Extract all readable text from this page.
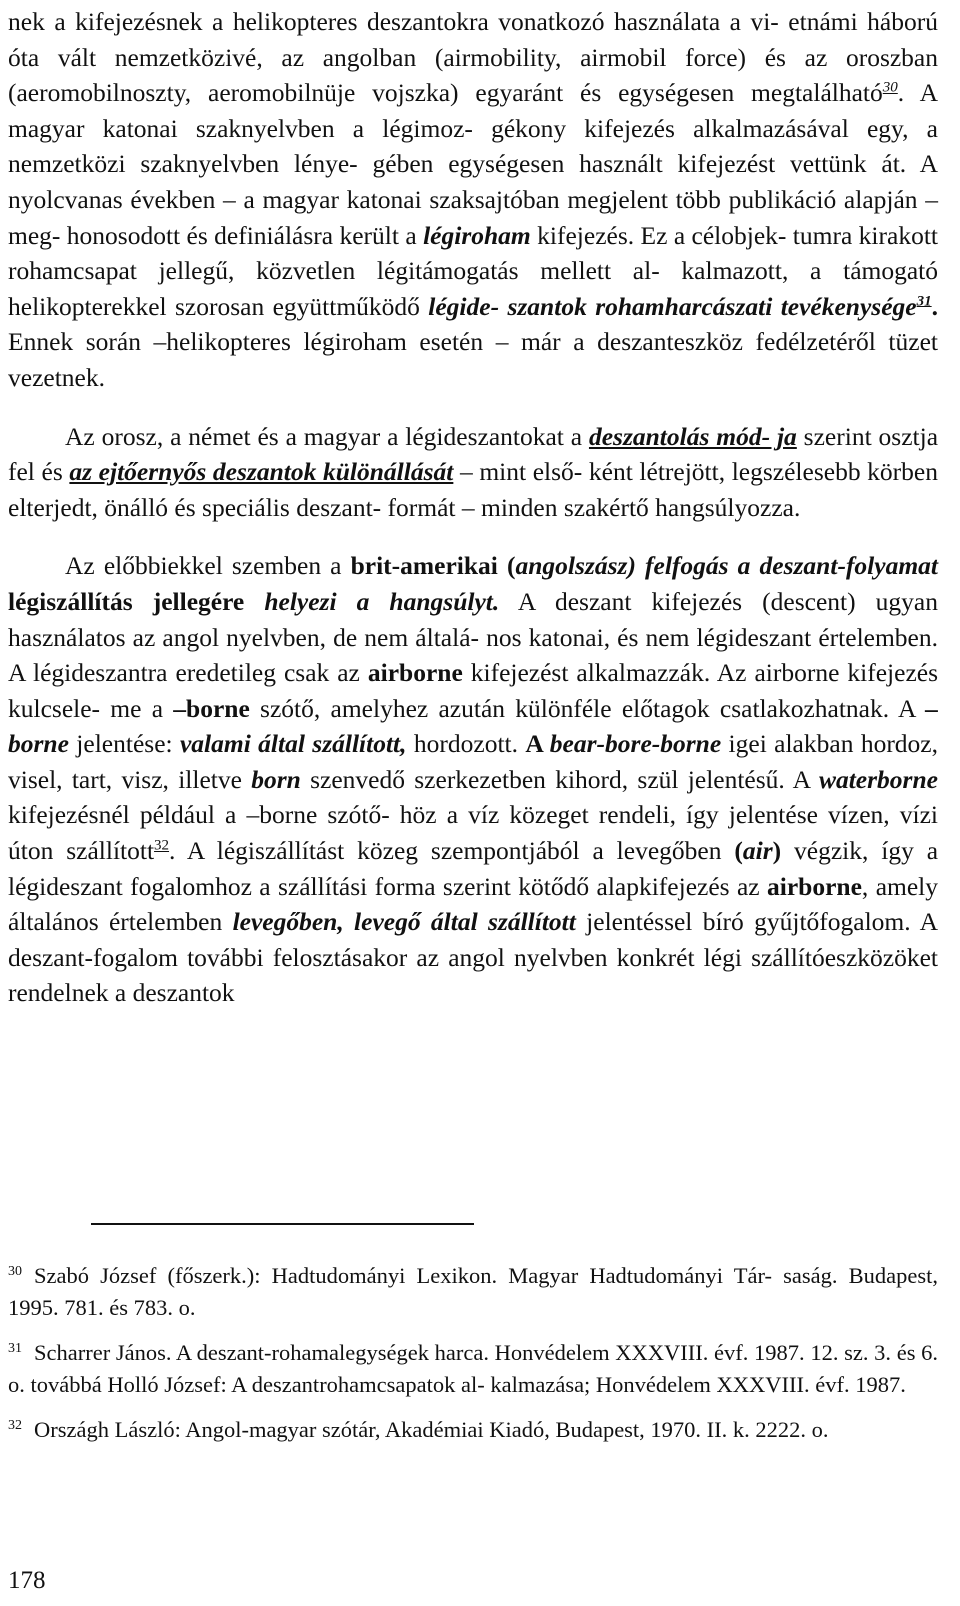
nek a kifejezésnek a helikopteres deszantokra vonatkozó használata a vi- etnámi háború óta vált nemzetközivé, az angolban (airmobility, airmobil force) és az oroszban (aeromobilnoszty, aeromobilnüje vojszka) egyaránt és egységesen megtalálható$^{30}$. A magyar katonai szaknyelvben a légimoz- gékony kifejezés alkalmazásával egy, a nemzetközi szaknyelvben lénye- gében egységesen használt kifejezést vettünk át. A nyolcvanas években – a magyar katonai szaksajtóban megjelent több publikáció alapján – meg- honosodott és definiálásra került a légiroham kifejezés. Ez a célobjek- tumra kirakott rohamcsapat jellegű, közvetlen légitámogatás mellett al- kalmazott, a támogató helikopterekkel szorosan együttműködő légide- szantok rohamharcászati tevékenysége$^{31}$. Ennek során –helikopteres légiroham esetén – már a deszanteszköz fedélzetéről tüzet vezetnek.

Az orosz, a német és a magyar a légideszantokat a deszantolás mód- ja szerint osztja fel és az ejtőernyős deszantok különállását – mint első- ként létrejött, legszélesebb körben elterjedt, önálló és speciális deszant- formát – minden szakértő hangsúlyozza.

Az előbbiekkel szemben a brit-amerikai (angolszász) felfogás a deszant-folyamat légiszállítás jellegére helyezi a hangsúlyt. A deszant kifejezés (descent) ugyan használatos az angol nyelvben, de nem általá- nos katonai, és nem légideszant értelemben. A légideszantra eredetileg csak az airborne kifejezést alkalmazzák. Az airborne kifejezés kulcsele- me a –borne szótő, amelyhez azután különféle előtagok csatlakozhatnak. A –borne jelentése: valami által szállított, hordozott. A bear-bore-borne igei alakban hordoz, visel, tart, visz, illetve born szenvedő szerkezetben kihord, szül jelentésű. A waterborne kifejezésnél például a –borne szótő- höz a víz közeget rendeli, így jelentése vízen, vízi úton szállított$^{32}$. A légiszállítást közeg szempontjából a levegőben (air) végzik, így a légideszant fogalomhoz a szállítási forma szerint kötődő alapkifejezés az airborne, amely általános értelemben levegőben, levegő által szállított jelentéssel bíró gyűjtőfogalom. A deszant-fogalom további felosztásakor az angol nyelvben konkrét légi szállítóeszközöket rendelnek a deszantok

$^{30}$ Szabó József (főszerk.): Hadtudományi Lexikon. Magyar Hadtudományi Tár- saság. Budapest, 1995. 781. és 783. o.

$^{31}$ Scharrer János. A deszant-rohamalegységek harca. Honvédelem XXXVIII. évf. 1987. 12. sz. 3. és 6. o. továbbá Holló József: A deszantrohamcsapatok al- kalmazása; Honvédelem XXXVIII. évf. 1987.

$^{32}$ Országh László: Angol-magyar szótár, Akadémiai Kiadó, Budapest, 1970. II. k. 2222. o.

178
